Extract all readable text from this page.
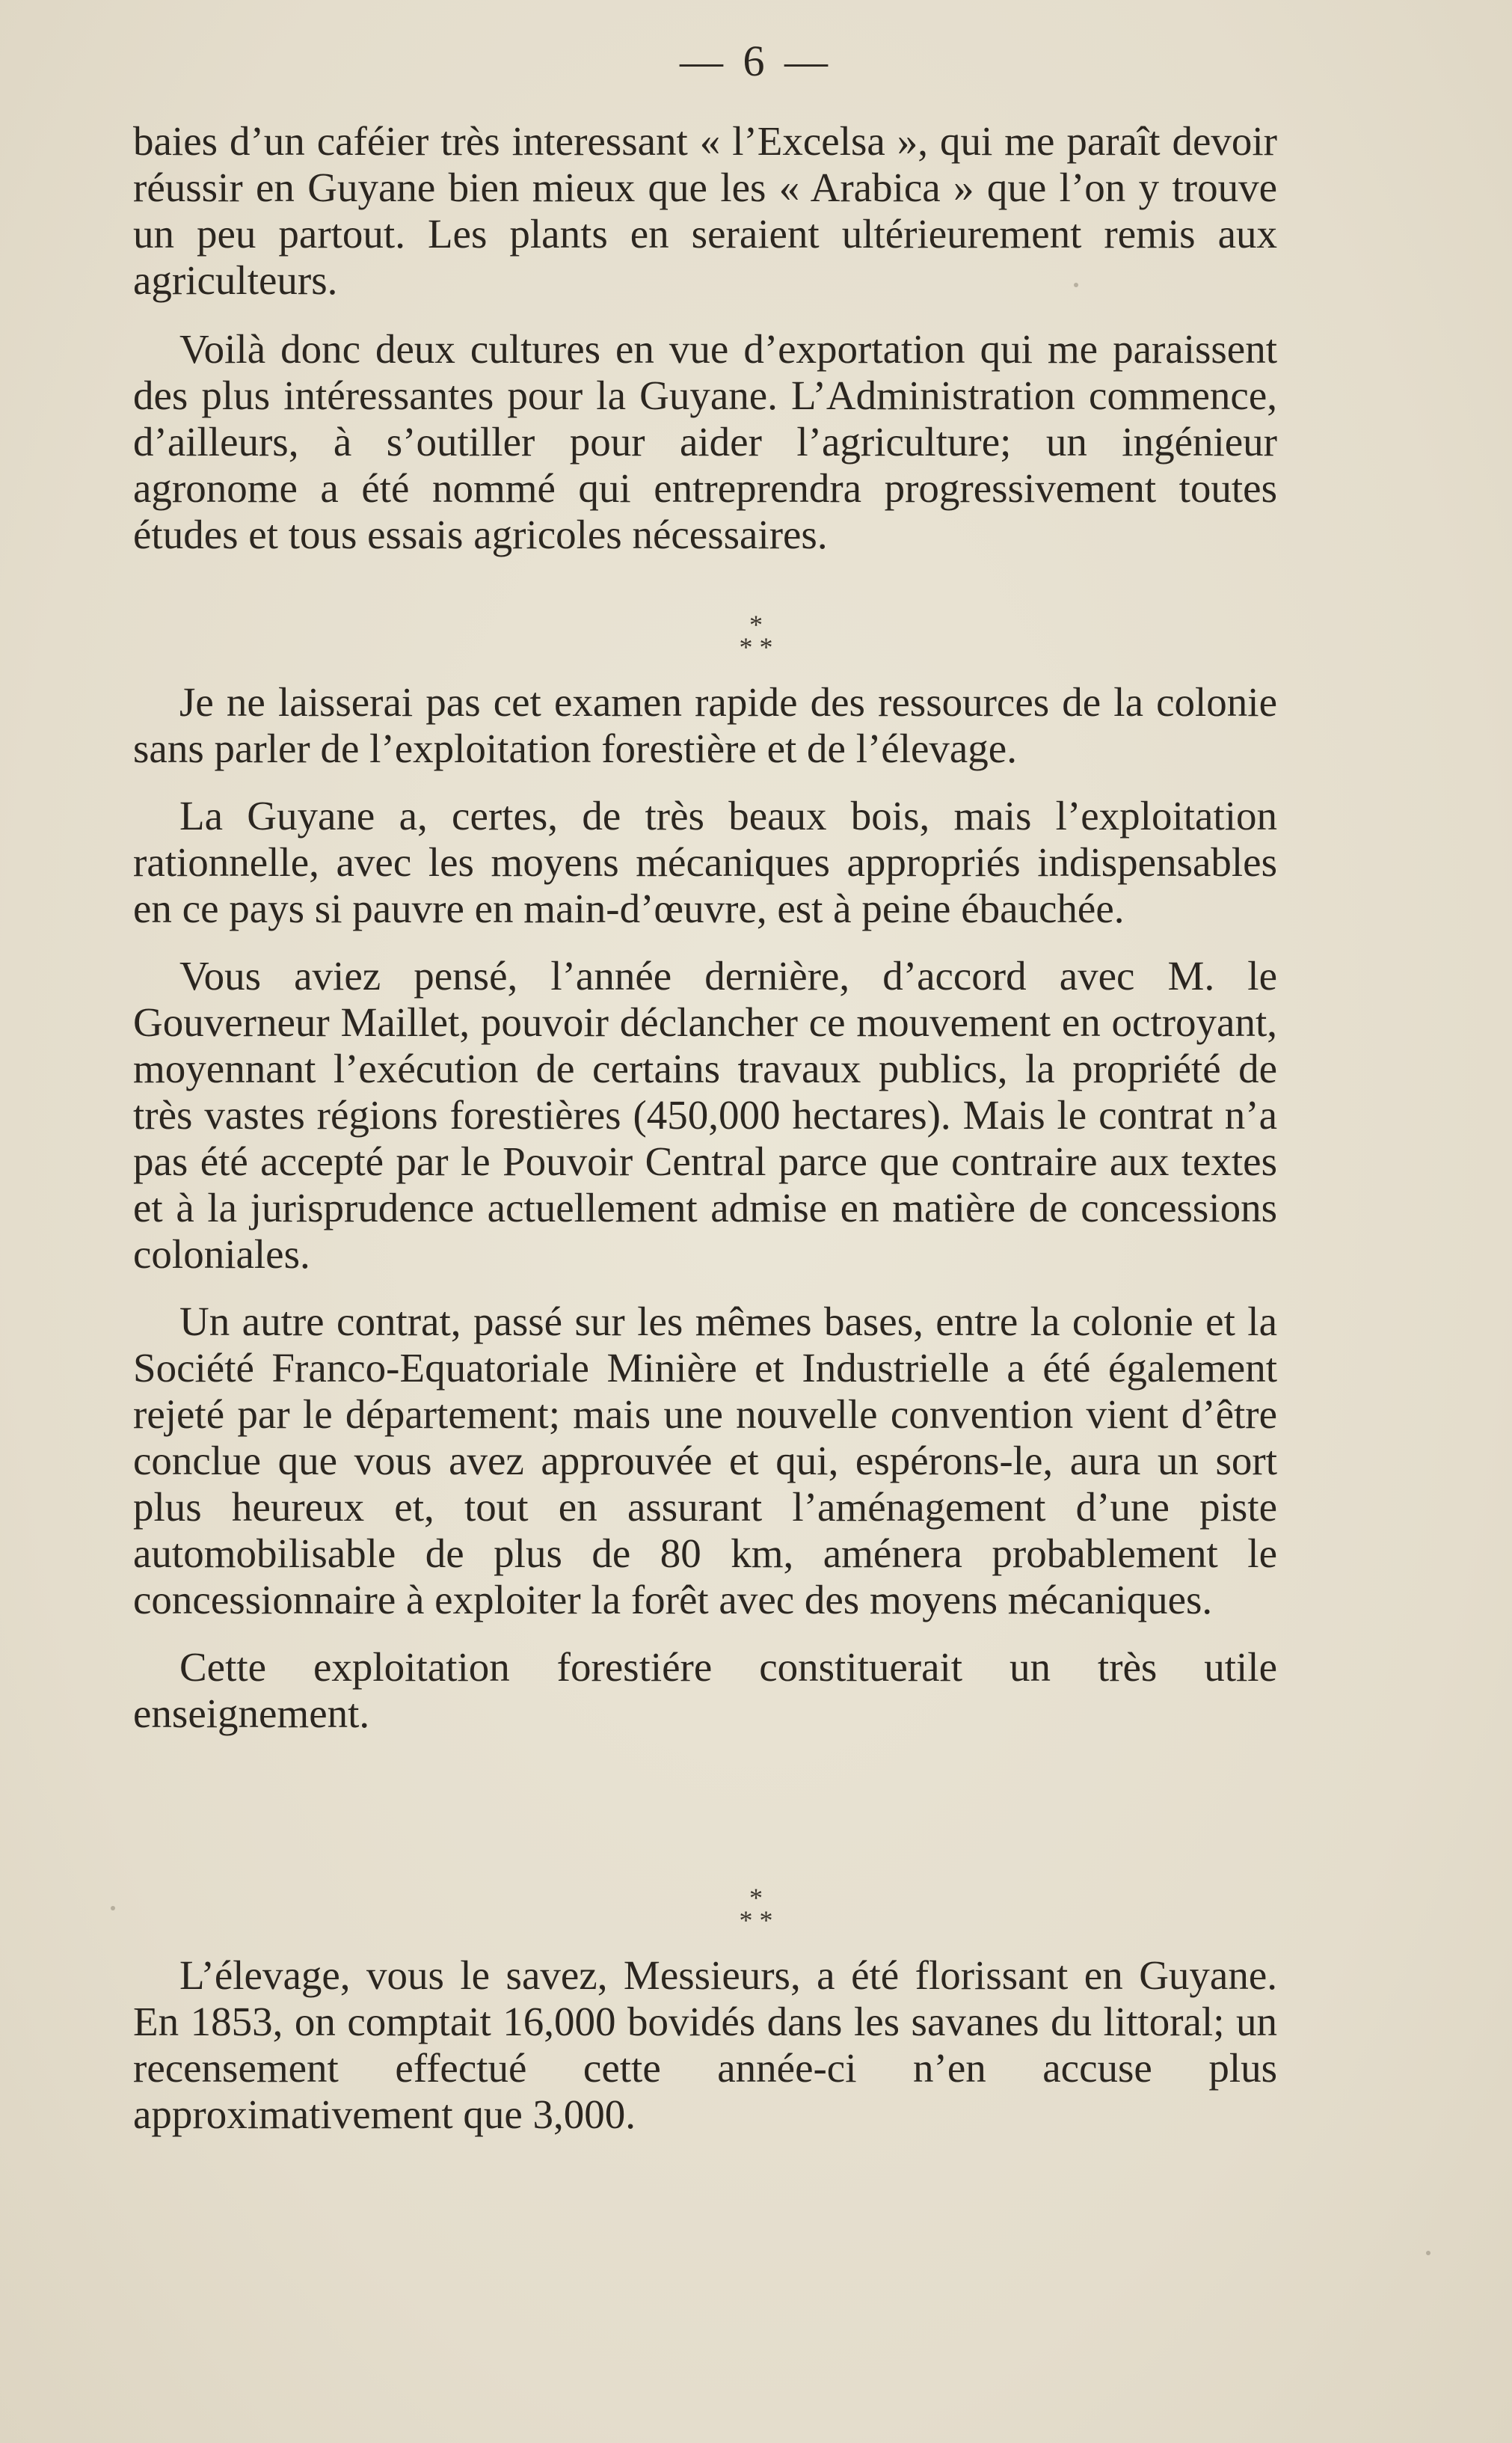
— 6 —

baies d’un caféier très interessant « l’Excelsa », qui me paraît devoir réussir en Guyane bien mieux que les « Arabica » que l’on y trouve un peu partout. Les plants en seraient ultérieurement remis aux agriculteurs.

Voilà donc deux cultures en vue d’exportation qui me paraissent des plus intéressantes pour la Guyane. L’Administration commence, d’ailleurs, à s’outiller pour aider l’agriculture; un ingénieur agronome a été nommé qui entreprendra progressivement toutes études et tous essais agricoles nécessaires.

*
* *

Je ne laisserai pas cet examen rapide des ressources de la colonie sans parler de l’exploitation forestière et de l’élevage.

La Guyane a, certes, de très beaux bois, mais l’exploitation rationnelle, avec les moyens mécaniques appropriés indispensables en ce pays si pauvre en main-d’œuvre, est à peine ébauchée.

Vous aviez pensé, l’année dernière, d’accord avec M. le Gouverneur Maillet, pouvoir déclancher ce mouvement en octroyant, moyennant l’exécution de certains travaux publics, la propriété de très vastes régions forestières (450,000 hectares). Mais le contrat n’a pas été accepté par le Pouvoir Central parce que contraire aux textes et à la jurisprudence actuellement admise en matière de concessions coloniales.

Un autre contrat, passé sur les mêmes bases, entre la colonie et la Société Franco-Equatoriale Minière et Industrielle a été également rejeté par le département; mais une nouvelle convention vient d’être conclue que vous avez approuvée et qui, espérons-le, aura un sort plus heureux et, tout en assurant l’aménagement d’une piste automobilisable de plus de 80 km, aménera probablement le concessionnaire à exploiter la forêt avec des moyens mécaniques.

Cette exploitation forestiére constituerait un très utile enseignement.

*
* *

L’élevage, vous le savez, Messieurs, a été florissant en Guyane. En 1853, on comptait 16,000 bovidés dans les savanes du littoral; un recensement effectué cette année-ci n’en accuse plus approximativement que 3,000.
